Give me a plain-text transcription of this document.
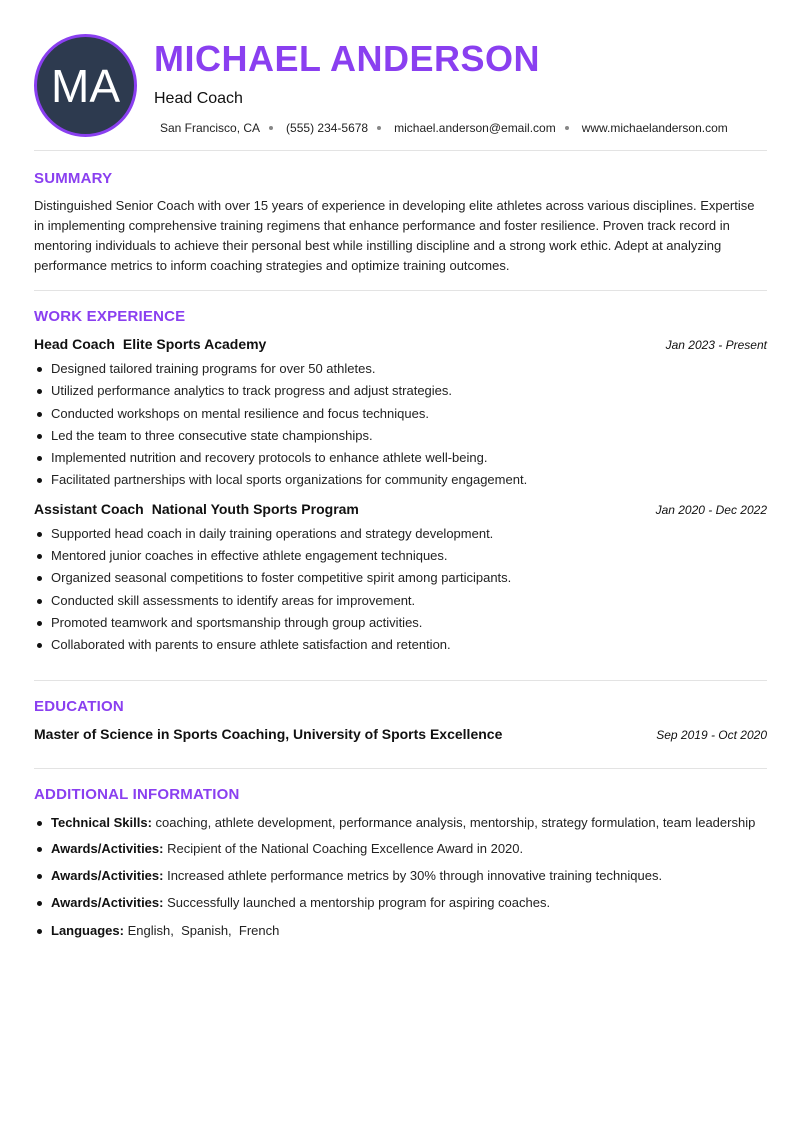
MA
MICHAEL ANDERSON
Head Coach
San Francisco, CA (555) 234-5678 michael.anderson@email.com www.michaelanderson.com
SUMMARY
Distinguished Senior Coach with over 15 years of experience in developing elite athletes across various disciplines. Expertise in implementing comprehensive training regimens that enhance performance and foster resilience. Proven track record in mentoring individuals to achieve their personal best while instilling discipline and a strong work ethic. Adept at analyzing performance metrics to inform coaching strategies and optimize training outcomes.
WORK EXPERIENCE
Head Coach Elite Sports Academy	Jan 2023 - Present
Designed tailored training programs for over 50 athletes.
Utilized performance analytics to track progress and adjust strategies.
Conducted workshops on mental resilience and focus techniques.
Led the team to three consecutive state championships.
Implemented nutrition and recovery protocols to enhance athlete well-being.
Facilitated partnerships with local sports organizations for community engagement.
Assistant Coach National Youth Sports Program	Jan 2020 - Dec 2022
Supported head coach in daily training operations and strategy development.
Mentored junior coaches in effective athlete engagement techniques.
Organized seasonal competitions to foster competitive spirit among participants.
Conducted skill assessments to identify areas for improvement.
Promoted teamwork and sportsmanship through group activities.
Collaborated with parents to ensure athlete satisfaction and retention.
EDUCATION
Master of Science in Sports Coaching, University of Sports Excellence	Sep 2019 - Oct 2020
ADDITIONAL INFORMATION
Technical Skills: coaching, athlete development, performance analysis, mentorship, strategy formulation, team leadership
Awards/Activities: Recipient of the National Coaching Excellence Award in 2020.
Awards/Activities: Increased athlete performance metrics by 30% through innovative training techniques.
Awards/Activities: Successfully launched a mentorship program for aspiring coaches.
Languages: English,  Spanish,  French
